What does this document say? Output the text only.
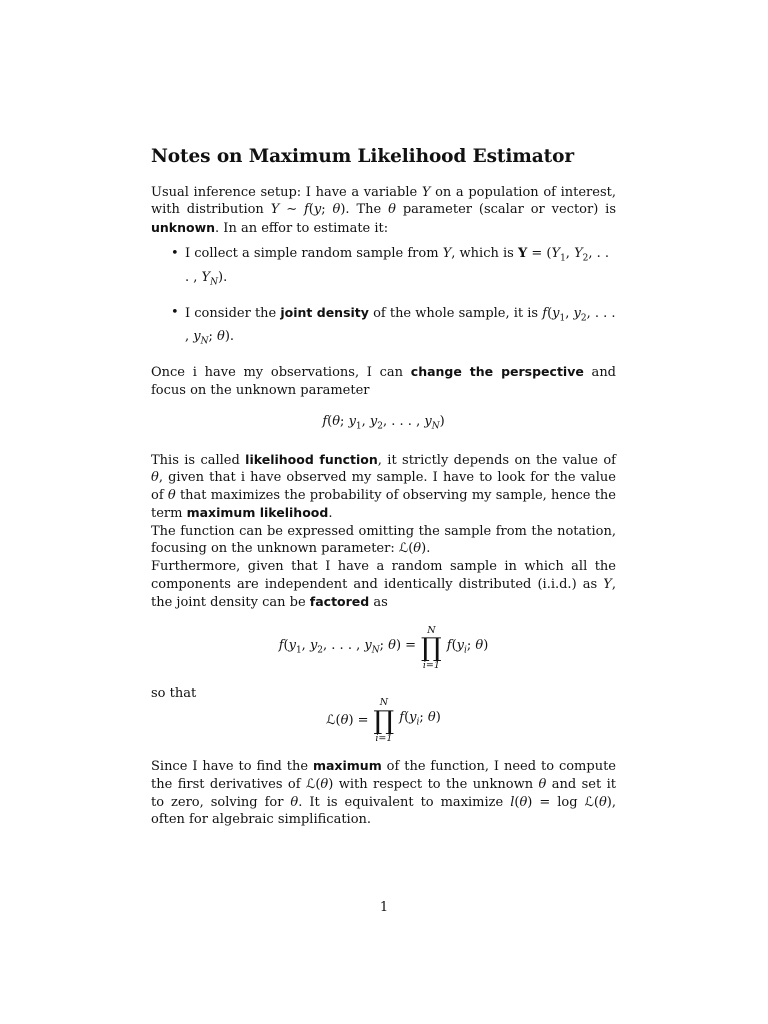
Notes on Maximum Likelihood Estimator

Usual inference setup: I have a variable Y on a population of interest, with distribution Y ∼ f(y; θ). The θ parameter (scalar or vector) is unknown. In an effor to estimate it:

• I collect a simple random sample from Y, which is $Y = (Y_1$, $Y_2$, . . . , $Y_N$).
• I consider the joint density of the whole sample, it is $f(y_1$, $y_2$, . . . , $y_N$; θ).

Once i have my observations, I can change the perspective and focus on the unknown parameter

f(θ; $y_1$, $y_2$, . . . , $y_N$)

This is called likelihood function, it strictly depends on the value of θ, given that i have observed my sample. I have to look for the value of θ that maximizes the probability of observing my sample, hence the term maximum likelihood.

The function can be expressed omitting the sample from the notation, focusing on the unknown parameter: ℒ(θ).

Furthermore, given that I have a random sample in which all the components are independent and identically distributed (i.i.d.) as Y, the joint density can be factored as

$f(y_1$, $y_2$, . . . , $y_N$; θ) =
N
∏
i=1
$f(y_i$; θ)

so that

ℒ(θ) =
N
∏
i=1
$f(y_i$; θ)

Since I have to find the maximum of the function, I need to compute the first derivatives of ℒ(θ) with respect to the unknown θ and set it to zero, solving for θ. It is equivalent to maximize l(θ) = log ℒ(θ), often for algebraic simplification.

1
